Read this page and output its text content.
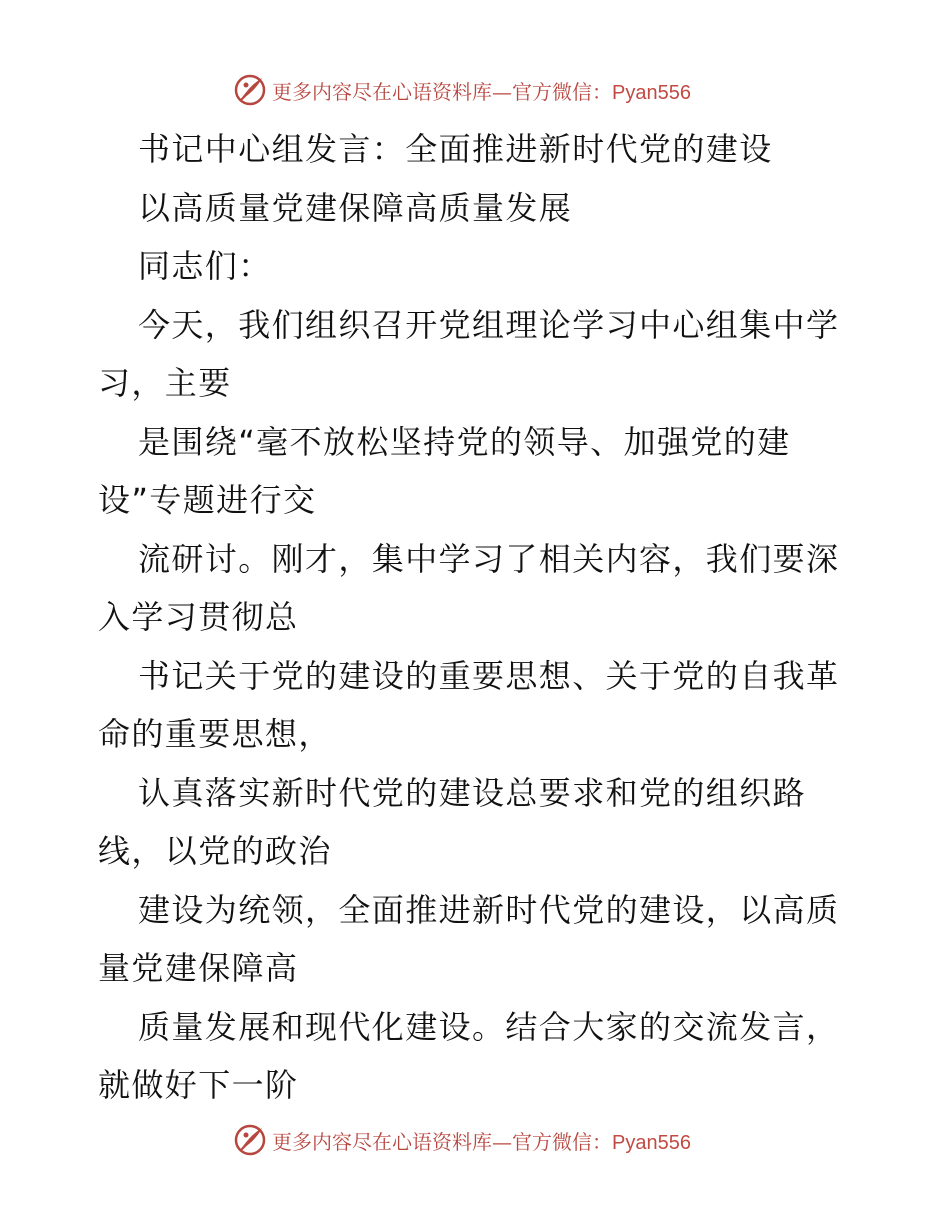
更多内容尽在心语资料库—官方微信：Pyan556
书记中心组发言：全面推进新时代党的建设
以高质量党建保障高质量发展
同志们：
今天，我们组织召开党组理论学习中心组集中学
习，主要
是围绕“毫不放松坚持党的领导、加强党的建
设”专题进行交
流研讨。刚才，集中学习了相关内容，我们要深
入学习贯彻总
书记关于党的建设的重要思想、关于党的自我革
命的重要思想，
认真落实新时代党的建设总要求和党的组织路
线，以党的政治
建设为统领，全面推进新时代党的建设，以高质
量党建保障高
质量发展和现代化建设。结合大家的交流发言，
就做好下一阶
更多内容尽在心语资料库—官方微信：Pyan556
